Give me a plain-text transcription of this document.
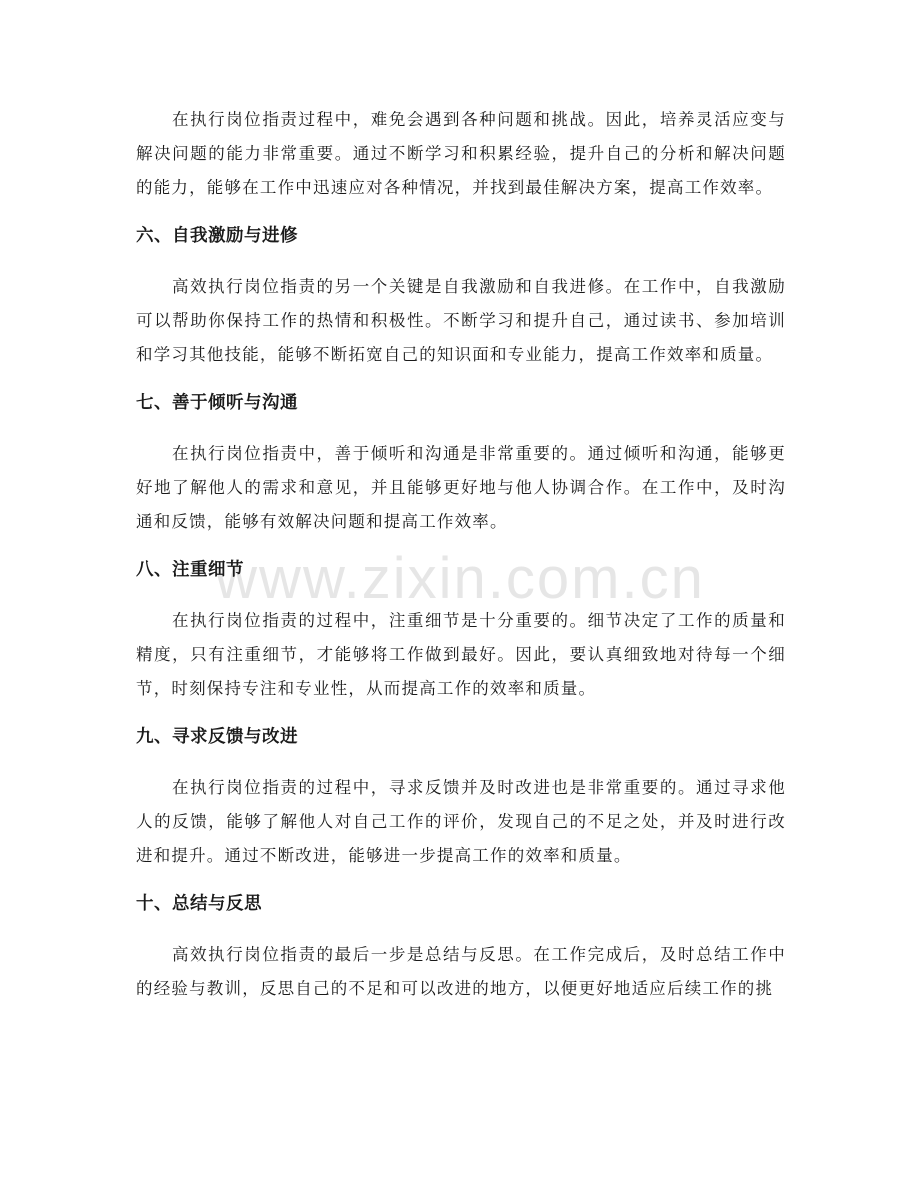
www.zixin.com.cn

在执行岗位指责过程中，难免会遇到各种问题和挑战。因此，培养灵活应变与解决问题的能力非常重要。通过不断学习和积累经验，提升自己的分析和解决问题的能力，能够在工作中迅速应对各种情况，并找到最佳解决方案，提高工作效率。

六、自我激励与进修

高效执行岗位指责的另一个关键是自我激励和自我进修。在工作中，自我激励可以帮助你保持工作的热情和积极性。不断学习和提升自己，通过读书、参加培训和学习其他技能，能够不断拓宽自己的知识面和专业能力，提高工作效率和质量。

七、善于倾听与沟通

在执行岗位指责中，善于倾听和沟通是非常重要的。通过倾听和沟通，能够更好地了解他人的需求和意见，并且能够更好地与他人协调合作。在工作中，及时沟通和反馈，能够有效解决问题和提高工作效率。

八、注重细节

在执行岗位指责的过程中，注重细节是十分重要的。细节决定了工作的质量和精度，只有注重细节，才能够将工作做到最好。因此，要认真细致地对待每一个细节，时刻保持专注和专业性，从而提高工作的效率和质量。

九、寻求反馈与改进

在执行岗位指责的过程中，寻求反馈并及时改进也是非常重要的。通过寻求他人的反馈，能够了解他人对自己工作的评价，发现自己的不足之处，并及时进行改进和提升。通过不断改进，能够进一步提高工作的效率和质量。

十、总结与反思

高效执行岗位指责的最后一步是总结与反思。在工作完成后，及时总结工作中的经验与教训，反思自己的不足和可以改进的地方，以便更好地适应后续工作的挑
